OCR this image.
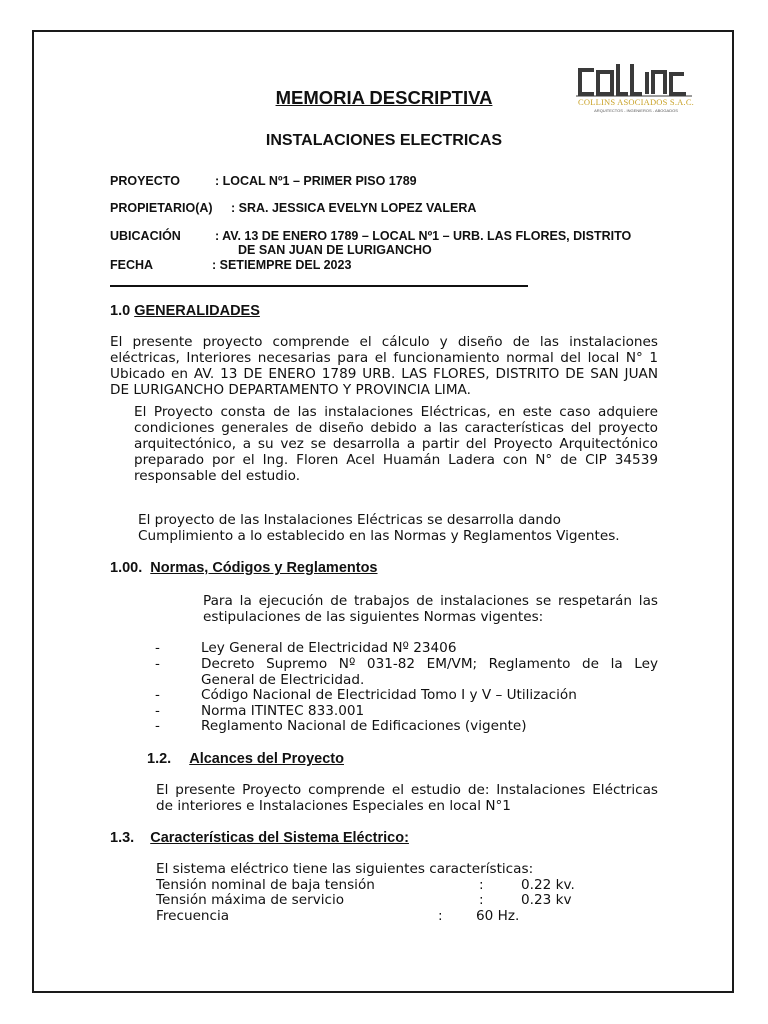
COLLINS ASOCIADOS S.A.C.
ARQUITECTOS - INGENIEROS - ABOGADOS
MEMORIA DESCRIPTIVA
INSTALACIONES ELECTRICAS
PROYECTO	: LOCAL Nº1 – PRIMER PISO 1789
PROPIETARIO(A) : SRA. JESSICA EVELYN LOPEZ VALERA
UBICACIÓN	: AV. 13 DE ENERO 1789 – LOCAL Nº1 – URB. LAS FLORES, DISTRITO
DE SAN JUAN DE LURIGANCHO
FECHA	: SETIEMPRE DEL 2023
1.0 GENERALIDADES
El presente proyecto comprende el cálculo y diseño de las instalaciones eléctricas, Interiores necesarias para el funcionamiento normal del local N° 1 Ubicado en AV. 13 DE ENERO 1789 URB. LAS FLORES, DISTRITO DE SAN JUAN DE LURIGANCHO DEPARTAMENTO Y PROVINCIA LIMA.
El Proyecto consta de las instalaciones Eléctricas, en este caso adquiere condiciones generales de diseño debido a las características del proyecto arquitectónico, a su vez se desarrolla a partir del Proyecto Arquitectónico preparado por el Ing. Floren Acel Huamán Ladera con N° de CIP 34539 responsable del estudio.
El proyecto de las Instalaciones Eléctricas se desarrolla dando
Cumplimiento a lo establecido en las Normas y Reglamentos Vigentes.
1.00. Normas, Códigos y Reglamentos
Para la ejecución de trabajos de instalaciones se respetarán las estipulaciones de las siguientes Normas vigentes:
-	Ley General de Electricidad Nº 23406
-	Decreto Supremo Nº 031-82 EM/VM; Reglamento de la Ley General de Electricidad.
-	Código Nacional de Electricidad Tomo I y V – Utilización
-	Norma ITINTEC 833.001
-	Reglamento Nacional de Edificaciones (vigente)
1.2. Alcances del Proyecto
El presente Proyecto comprende el estudio de: Instalaciones Eléctricas de interiores e Instalaciones Especiales en local N°1
1.3. Características del Sistema Eléctrico:
El sistema eléctrico tiene las siguientes características:
Tensión nominal de baja tensión	:	0.22 kv.
Tensión máxima de servicio	:	0.23 kv
Frecuencia	: 60 Hz.
